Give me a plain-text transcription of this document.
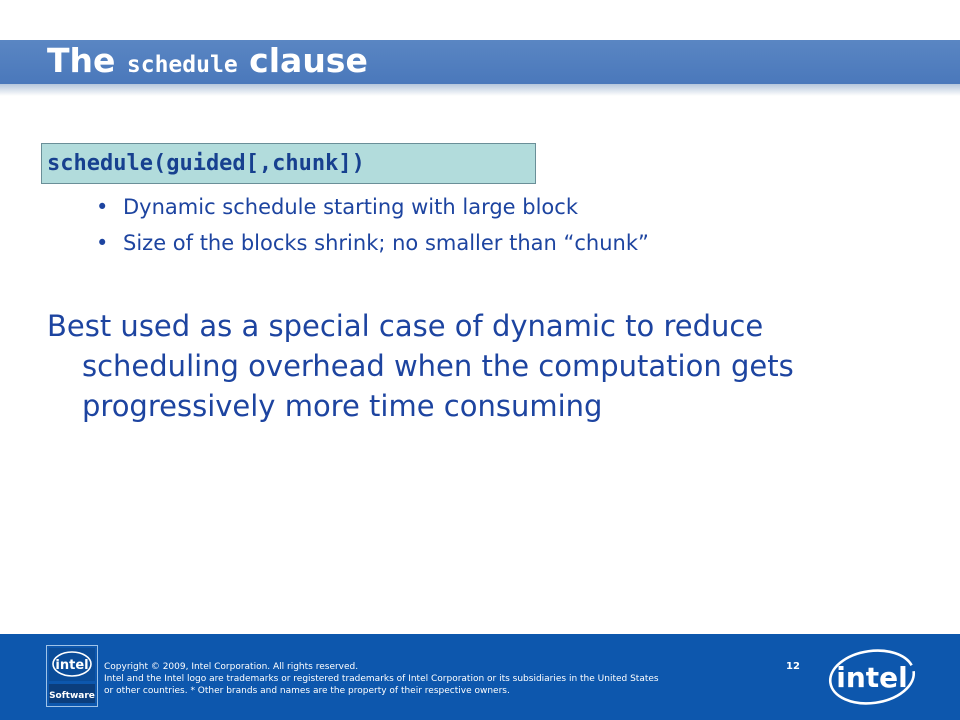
The schedule clause
schedule(guided[,chunk])
• Dynamic schedule starting with large block
• Size of the blocks shrink; no smaller than “chunk”
Best used as a special case of dynamic to reduce
scheduling overhead when the computation gets
progressively more time consuming
intel
Software
Copyright © 2009, Intel Corporation. All rights reserved.
Intel and the Intel logo are trademarks or registered trademarks of Intel Corporation or its subsidiaries in the United States
or other countries. * Other brands and names are the property of their respective owners.
12 intel
